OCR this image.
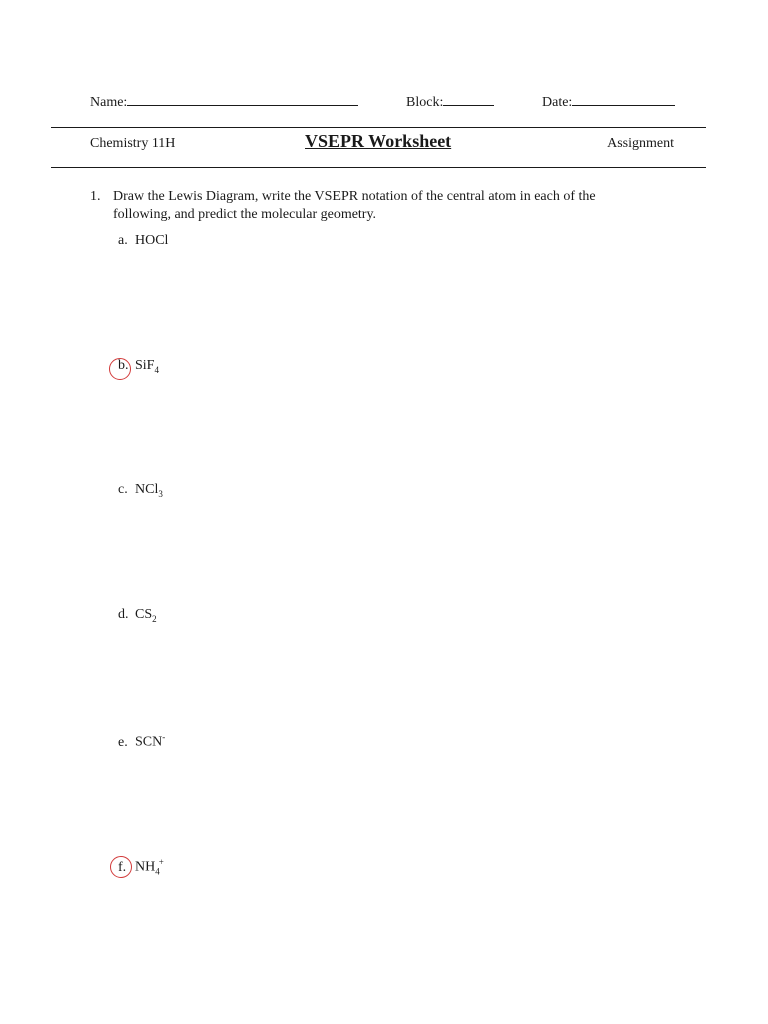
Name:	Block:	Date:
Chemistry 11H	VSEPR Worksheet	Assignment
1. Draw the Lewis Diagram, write the VSEPR notation of the central atom in each of the following, and predict the molecular geometry.
a. HOCl
b. SiF$_4$
c. NCl$_3$
d. $CS_2$
e. SCN-
f. $NH_4^+$
